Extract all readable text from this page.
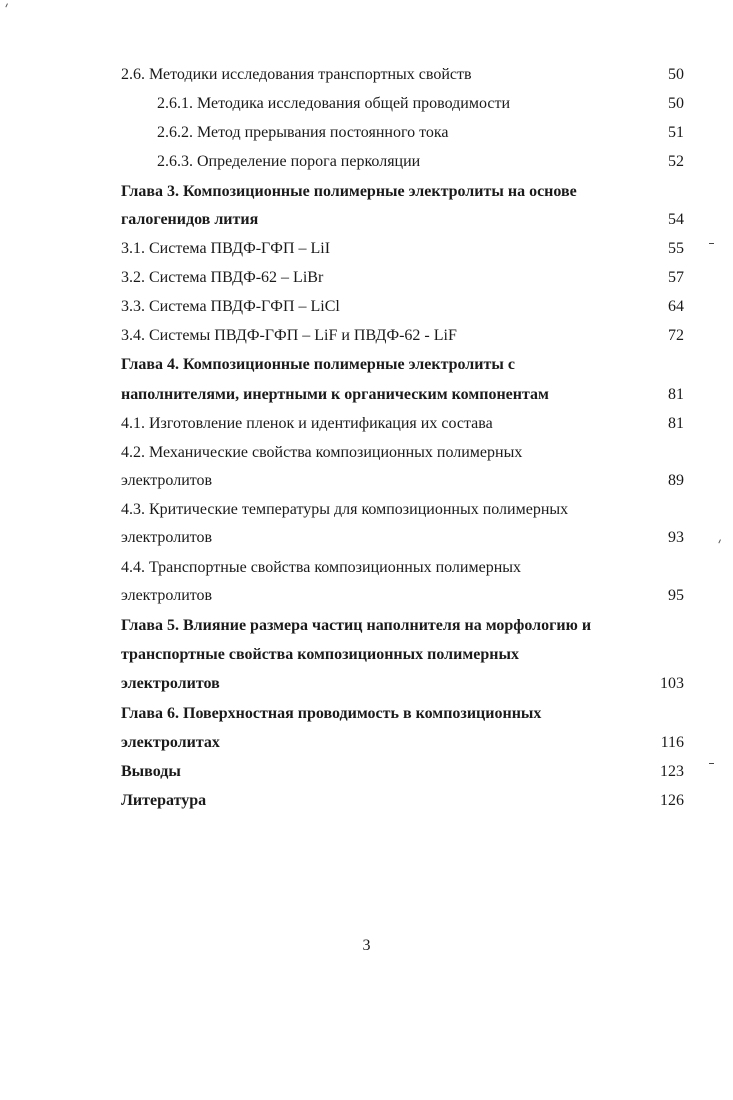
2.6. Методики исследования транспортных свойств	50
2.6.1. Методика исследования общей проводимости	50
2.6.2. Метод прерывания постоянного тока	51
2.6.3. Определение порога перколяции	52
Глава 3. Композиционные полимерные электролиты на основе
галогенидов лития	54
3.1. Система ПВДФ-ГФП – LiI	55
3.2. Система ПВДФ-62 – LiBr	57
3.3. Система ПВДФ-ГФП – LiCl	64
3.4. Системы ПВДФ-ГФП – LiF и ПВДФ-62 - LiF	72
Глава 4. Композиционные полимерные электролиты с
наполнителями, инертными к органическим компонентам	81
4.1. Изготовление пленок и идентификация их состава	81
4.2. Механические свойства композиционных полимерных
электролитов	89
4.3. Критические температуры для композиционных полимерных
электролитов	93
4.4. Транспортные свойства композиционных полимерных
электролитов	95
Глава 5. Влияние размера частиц наполнителя на морфологию и
транспортные свойства композиционных полимерных
электролитов	103
Глава 6. Поверхностная проводимость в композиционных
электролитах	116
Выводы	123
Литература	126
3
